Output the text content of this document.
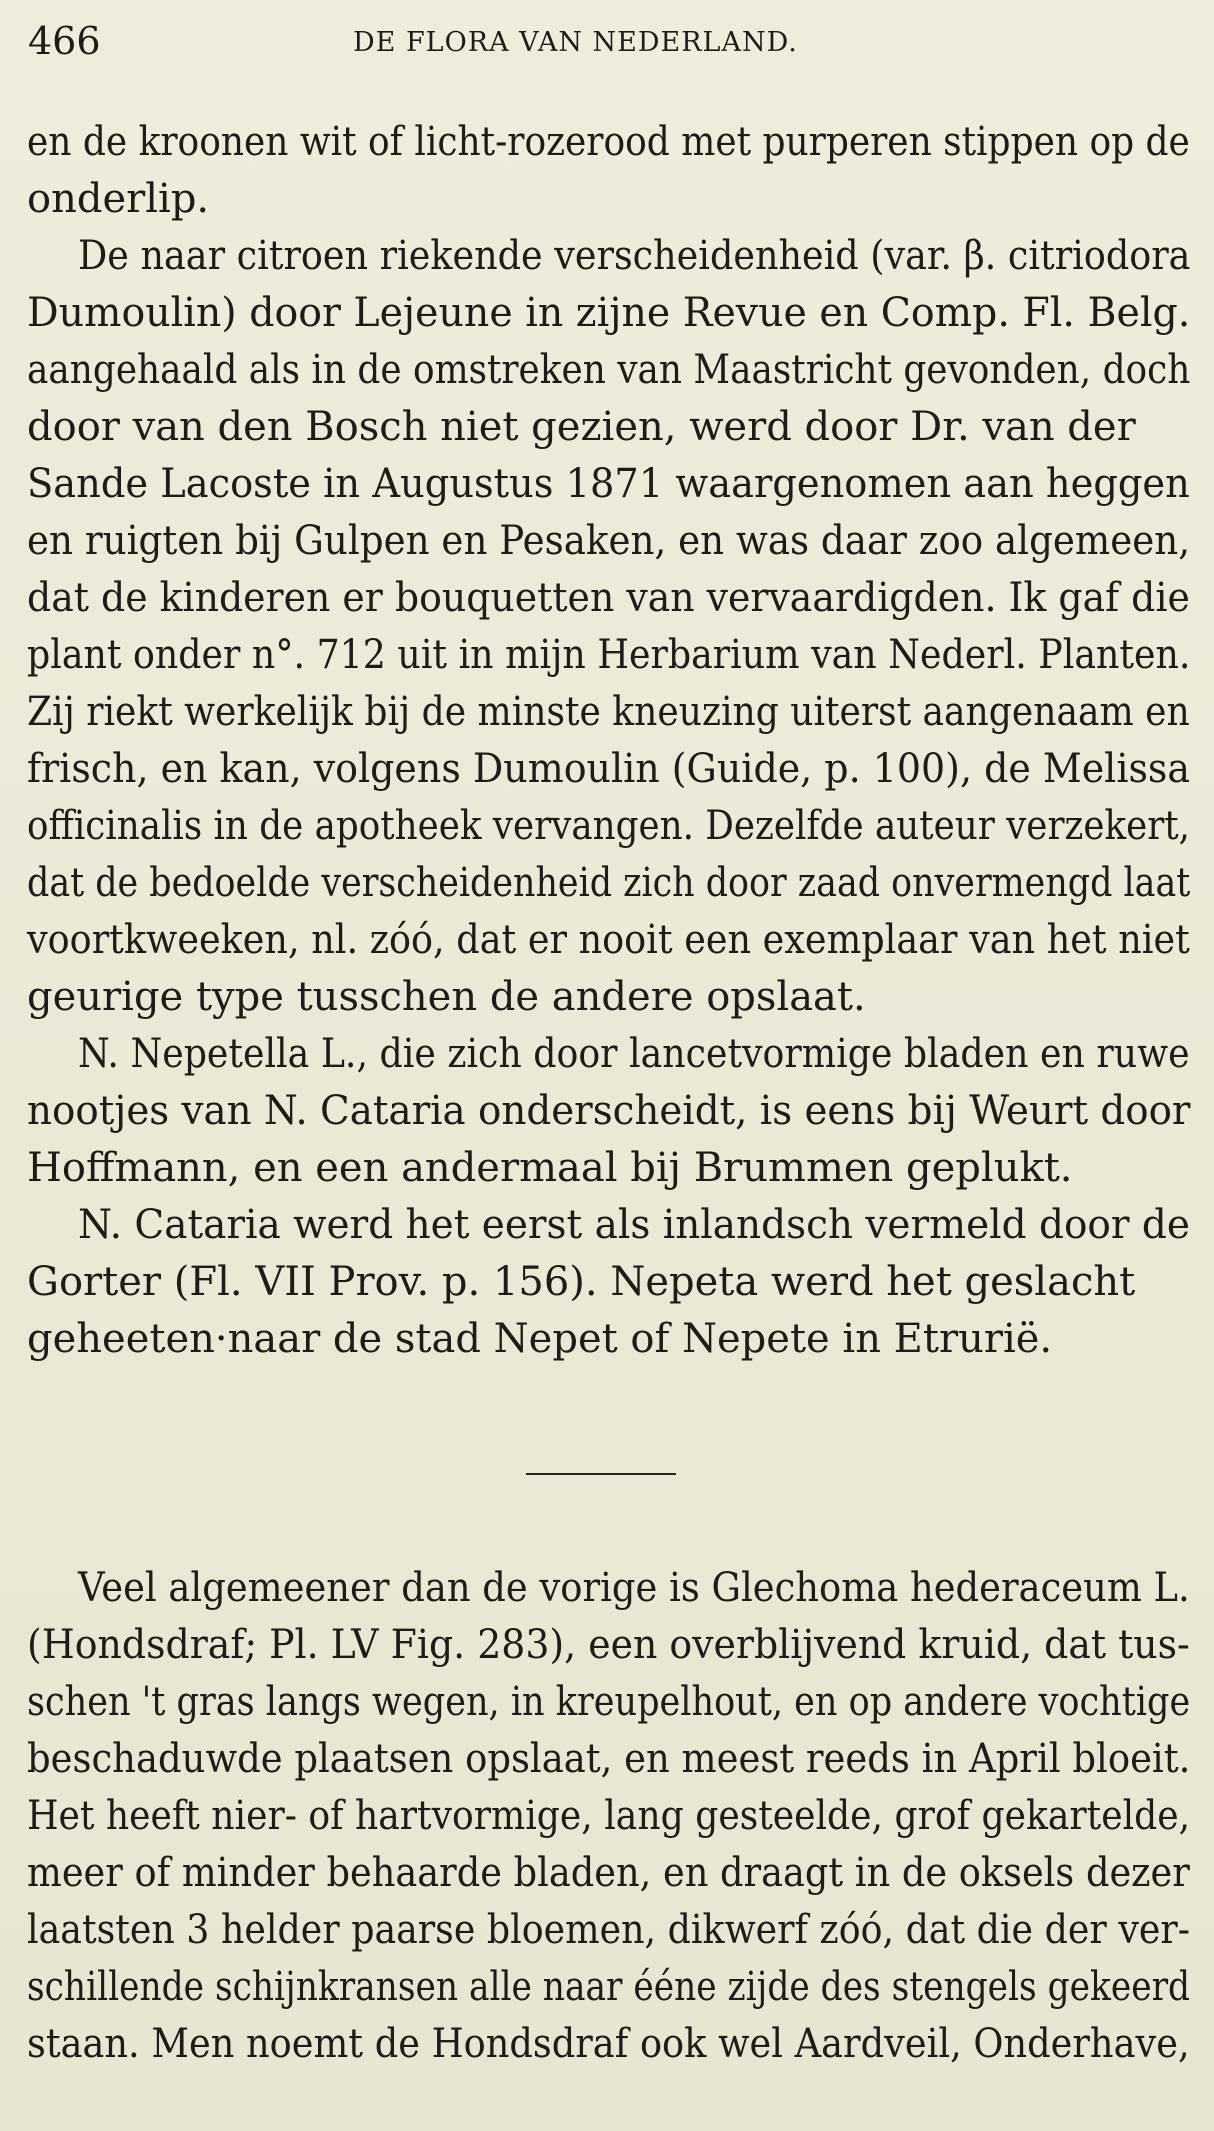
466	DE FLORA VAN NEDERLAND.
en de kroonen wit of licht-rozerood met purperen stippen op de
onderlip.
De naar citroen riekende verscheidenheid (var. β. citriodora
Dumoulin) door Lejeune in zijne Revue en Comp. Fl. Belg.
aangehaald als in de omstreken van Maastricht gevonden, doch
door van den Bosch niet gezien, werd door Dr. van der
Sande Lacoste in Augustus 1871 waargenomen aan heggen
en ruigten bij Gulpen en Pesaken, en was daar zoo algemeen,
dat de kinderen er bouquetten van vervaardigden. Ik gaf die
plant onder n°. 712 uit in mijn Herbarium van Nederl. Planten.
Zij riekt werkelijk bij de minste kneuzing uiterst aangenaam en
frisch, en kan, volgens Dumoulin (Guide, p. 100), de Melissa
officinalis in de apotheek vervangen. Dezelfde auteur verzekert,
dat de bedoelde verscheidenheid zich door zaad onvermengd laat
voortkweeken, nl. zóó, dat er nooit een exemplaar van het niet
geurige type tusschen de andere opslaat.
N. Nepetella L., die zich door lancetvormige bladen en ruwe
nootjes van N. Cataria onderscheidt, is eens bij Weurt door
Hoffmann, en een andermaal bij Brummen geplukt.
N. Cataria werd het eerst als inlandsch vermeld door de
Gorter (Fl. VII Prov. p. 156). Nepeta werd het geslacht
geheeten·naar de stad Nepet of Nepete in Etrurië.
Veel algemeener dan de vorige is Glechoma hederaceum L.
(Hondsdraf; Pl. LV Fig. 283), een overblijvend kruid, dat tus-
schen 't gras langs wegen, in kreupelhout, en op andere vochtige
beschaduwde plaatsen opslaat, en meest reeds in April bloeit.
Het heeft nier- of hartvormige, lang gesteelde, grof gekartelde,
meer of minder behaarde bladen, en draagt in de oksels dezer
laatsten 3 helder paarse bloemen, dikwerf zóó, dat die der ver-
schillende schijnkransen alle naar ééne zijde des stengels gekeerd
staan. Men noemt de Hondsdraf ook wel Aardveil, Onderhave,
